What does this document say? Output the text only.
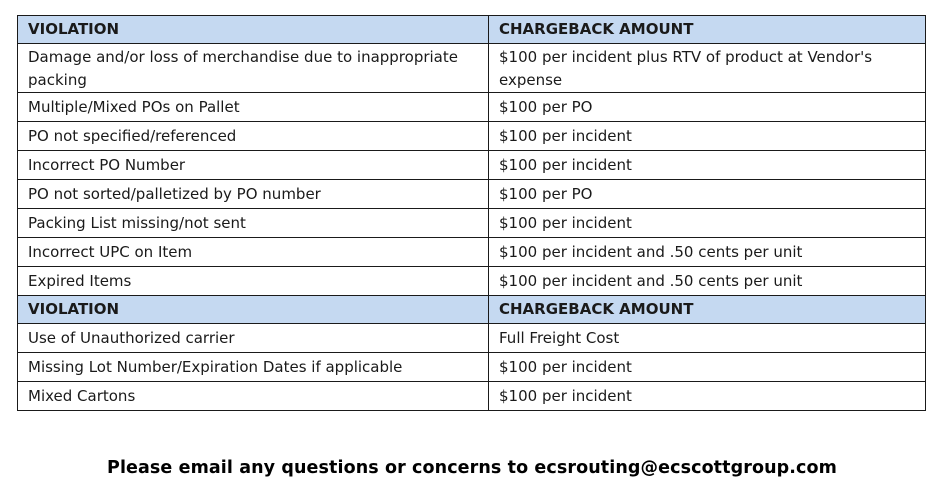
VIOLATION	CHARGEBACK AMOUNT
Damage and/or loss of merchandise due to inappropriate packing	$100 per incident plus RTV of product at Vendor's expense
Multiple/Mixed POs on Pallet	$100 per PO
PO not specified/referenced	$100 per incident
Incorrect PO Number	$100 per incident
PO not sorted/palletized by PO number	$100 per PO
Packing List missing/not sent	$100 per incident
Incorrect UPC on Item	$100 per incident and .50 cents per unit
Expired Items	$100 per incident and .50 cents per unit
VIOLATION	CHARGEBACK AMOUNT
Use of Unauthorized carrier	Full Freight Cost
Missing Lot Number/Expiration Dates if applicable	$100 per incident
Mixed Cartons	$100 per incident
Please email any questions or concerns to ecsrouting@ecscottgroup.com
